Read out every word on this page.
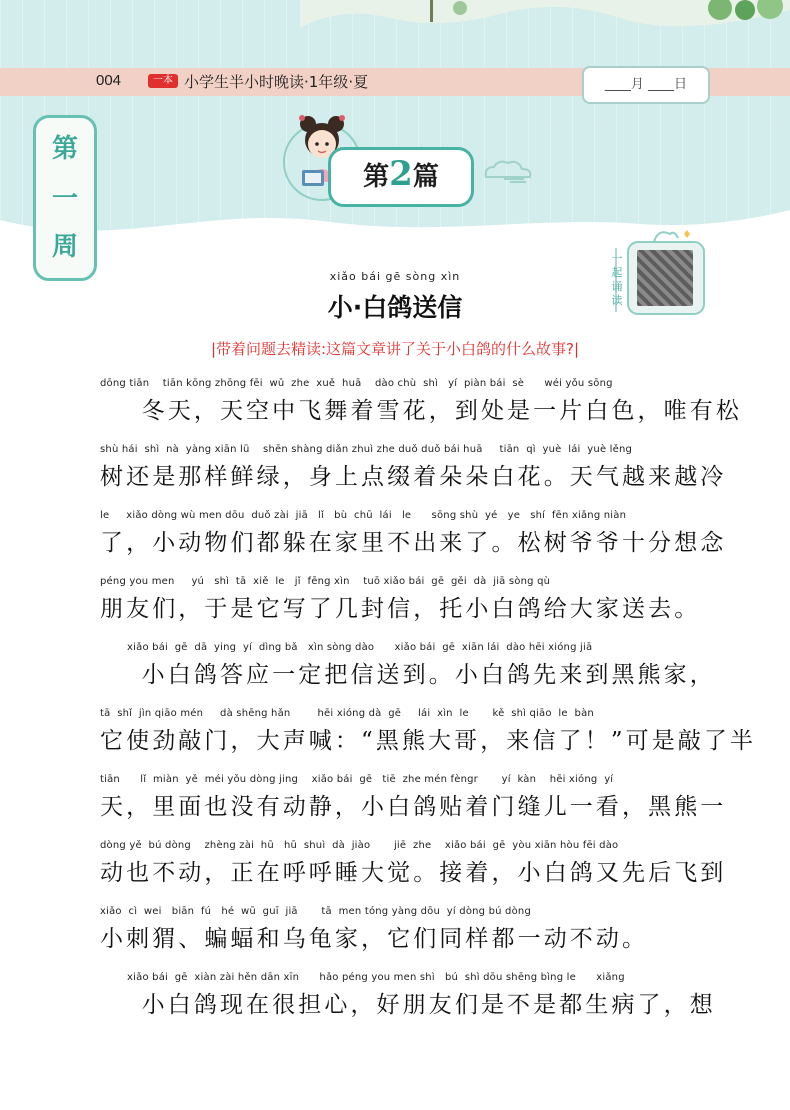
004	一本 小学生半小时晚读·1年级·夏	____月 ____日
第
一
周
第2篇
一起诵读
xiǎo bái gē sòng xìn
小·白鸽送信
|带着问题去精读:这篇文章讲了关于小白鸽的什么故事?|
dōng tiān    tiān kōng zhōng fēi  wǔ  zhe  xuě  huā    dào chù  shì   yí  piàn bái  sè      wéi yǒu sōng
冬天，天空中飞舞着雪花，到处是一片白色，唯有松
shù hái  shì  nà  yàng xiān lǜ    shēn shàng diǎn zhuì zhe duǒ duǒ bái huā     tiān  qì  yuè  lái  yuè lěng
树还是那样鲜绿，身上点缀着朵朵白花。天气越来越冷
le     xiǎo dòng wù men dōu  duǒ zài  jiā   lǐ   bù  chū  lái   le      sōng shù  yé   ye   shí  fēn xiǎng niàn
了，小动物们都躲在家里不出来了。松树爷爷十分想念
péng you men     yú   shì  tā  xiě  le   jǐ  fēng xìn    tuō xiǎo bái  gē  gěi  dà  jiā sòng qù
朋友们，于是它写了几封信，托小白鸽给大家送去。
xiǎo bái  gē  dā  ying  yí  dìng bǎ   xìn sòng dào      xiǎo bái  gē  xiān lái  dào hēi xióng jiā
小白鸽答应一定把信送到。小白鸽先来到黑熊家，
tā  shǐ  jìn qiāo mén     dà shēng hǎn        hēi xióng dà  gē     lái  xìn  le       kě  shì qiāo  le  bàn
它使劲敲门，大声喊：“黑熊大哥，来信了！”可是敲了半
tiān      lǐ  miàn  yě  méi yǒu dòng jing    xiǎo bái  gē   tiē  zhe mén fèngr       yí  kàn    hēi xióng  yí
天，里面也没有动静，小白鸽贴着门缝儿一看，黑熊一
dòng yě  bú dòng    zhèng zài  hū   hū  shuì  dà  jiào       jiē  zhe    xiǎo bái  gē  yòu xiān hòu fēi dào
动也不动，正在呼呼睡大觉。接着，小白鸽又先后飞到
xiǎo  cì  wei   biān  fú   hé  wū  guī  jiā       tā  men tóng yàng dōu  yí dòng bú dòng
小刺猬、蝙蝠和乌龟家，它们同样都一动不动。
xiǎo bái  gē  xiàn zài hěn dān xīn      hǎo péng you men shì   bú  shì dōu shēng bìng le      xiǎng
小白鸽现在很担心，好朋友们是不是都生病了，想
